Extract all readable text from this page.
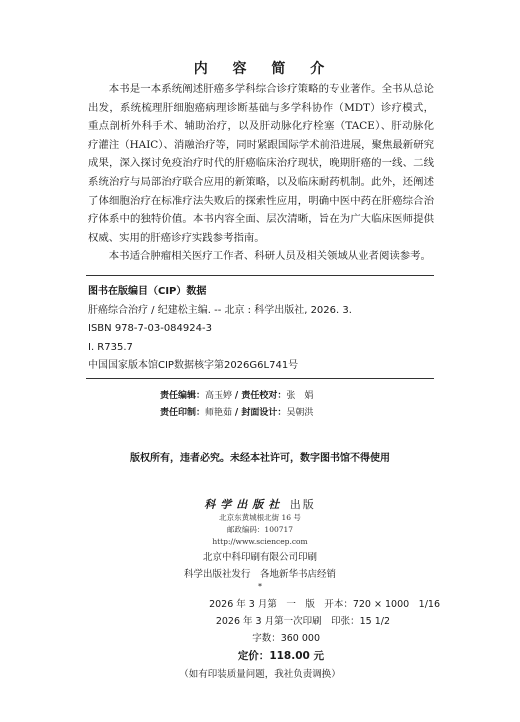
内 容 简 介

本书是一本系统阐述肝癌多学科综合诊疗策略的专业著作。全书从总论出发，系统梳理肝细胞癌病理诊断基础与多学科协作（MDT）诊疗模式，重点剖析外科手术、辅助治疗，以及肝动脉化疗栓塞（TACE）、肝动脉化疗灌注（HAIC）、消融治疗等，同时紧跟国际学术前沿进展，聚焦最新研究成果，深入探讨免疫治疗时代的肝癌临床治疗现状，晚期肝癌的一线、二线系统治疗与局部治疗联合应用的新策略，以及临床耐药机制。此外，还阐述了体细胞治疗在标准疗法失败后的探索性应用，明确中医中药在肝癌综合治疗体系中的独特价值。本书内容全面、层次清晰，旨在为广大临床医师提供权威、实用的肝癌诊疗实践参考指南。

本书适合肿瘤相关医疗工作者、科研人员及相关领域从业者阅读参考。

图书在版编目（CIP）数据
肝癌综合治疗 / 纪建松主编. -- 北京 : 科学出版社, 2026. 3.
ISBN 978-7-03-084924-3
Ⅰ. R735.7
中国国家版本馆CIP数据核字第2026G6L741号
责任编辑：高玉婷 / 责任校对：张　娟
责任印制：师艳茹 / 封面设计：吴朝洪
版权所有，违者必究。未经本社许可，数字图书馆不得使用
科学出版社 出版
北京东黄城根北街 16 号
邮政编码：100717
http://www.sciencep.com
北京中科印刷有限公司印刷
科学出版社发行　各地新华书店经销
*
2026 年 3 月第　一　版　开本：720 × 1000　1/16
2026 年 3 月第一次印刷　印张：15 1/2
字数：360 000
定价：118.00 元
（如有印装质量问题，我社负责调换）
